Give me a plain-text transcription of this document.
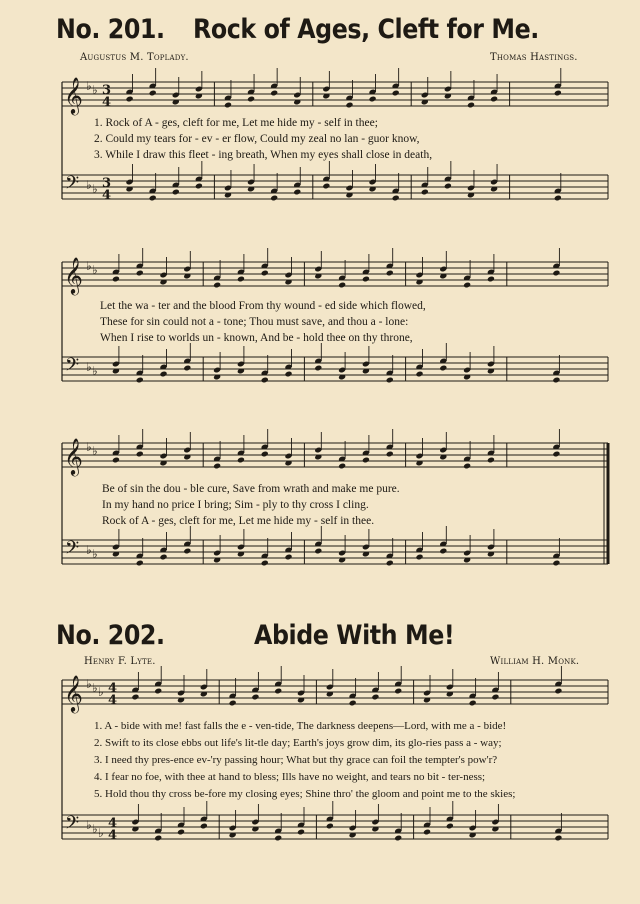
No. 201. Rock of Ages, Cleft for Me.
Augustus M. Toplady.	Thomas Hastings.
1. Rock of A - ges, cleft for me, Let me hide my - self in thee;
2. Could my tears for - ev - er flow, Could my zeal no lan - guor know,
3. While I draw this fleet - ing breath, When my eyes shall close in death,
Let the wa - ter and the blood From thy wound - ed side which flowed,
These for sin could not a - tone; Thou must save, and thou a - lone:
When I rise to worlds un - known, And be - hold thee on thy throne,
Be of sin the dou - ble cure, Save from wrath and make me pure.
In my hand no price I bring; Sim - ply to thy cross I cling.
Rock of A - ges, cleft for me, Let me hide my - self in thee.
No. 202.	Abide With Me!
Henry F. Lyte.	William H. Monk.
1. A - bide with me! fast falls the e - ven-tide, The darkness deepens—Lord, with me a - bide!
2. Swift to its close ebbs out life's lit-tle day; Earth's joys grow dim, its glo-ries pass a - way;
3. I need thy pres-ence ev-'ry passing hour; What but thy grace can foil the tempter's pow'r?
4. I fear no foe, with thee at hand to bless; Ills have no weight, and tears no bit - ter-ness;
5. Hold thou thy cross be-fore my closing eyes; Shine thro' the gloom and point me to the skies;
𝄞
𝄢
♭
♭
♭
♭
3
4
3
4
𝄞
𝄢
♭
♭
♭
♭
𝄞
𝄢
♭
♭
♭
♭
𝄞
𝄢
♭
♭
♭
♭
♭
♭
4
4
4
4
